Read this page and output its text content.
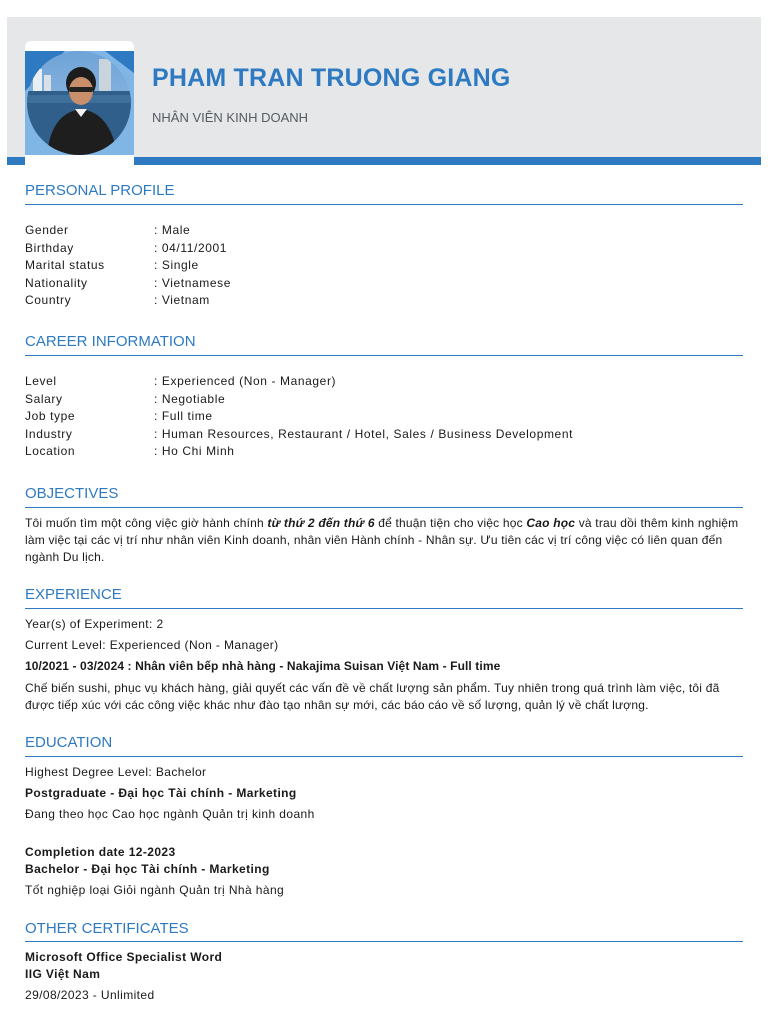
PHAM TRAN TRUONG GIANG
NHÂN VIÊN KINH DOANH
PERSONAL PROFILE
Gender	: Male
Birthday	: 04/11/2001
Marital status	: Single
Nationality	: Vietnamese
Country	: Vietnam
CAREER INFORMATION
Level	: Experienced (Non - Manager)
Salary	: Negotiable
Job type	: Full time
Industry	: Human Resources, Restaurant / Hotel, Sales / Business Development
Location	: Ho Chi Minh
OBJECTIVES
Tôi muốn tìm một công việc giờ hành chính từ thứ 2 đến thứ 6 để thuận tiện cho việc học Cao học và trau dồi thêm kinh nghiệm làm việc tại các vị trí như nhân viên Kinh doanh, nhân viên Hành chính - Nhân sự. Ưu tiên các vị trí công việc có liên quan đến ngành Du lịch.
EXPERIENCE
Year(s) of Experiment: 2
Current Level: Experienced (Non - Manager)
10/2021 - 03/2024 : Nhân viên bếp nhà hàng - Nakajima Suisan Việt Nam - Full time
Chế biến sushi, phục vụ khách hàng, giải quyết các vấn đề về chất lượng sản phẩm. Tuy nhiên trong quá trình làm việc, tôi đã được tiếp xúc với các công việc khác như đào tạo nhân sự mới, các báo cáo về số lượng, quản lý về chất lượng.
EDUCATION
Highest Degree Level: Bachelor
Postgraduate - Đại học Tài chính - Marketing
Đang theo học Cao học ngành Quản trị kinh doanh
Completion date 12-2023
Bachelor - Đại học Tài chính - Marketing
Tốt nghiệp loại Giỏi ngành Quản trị Nhà hàng
OTHER CERTIFICATES
Microsoft Office Specialist Word
IIG Việt Nam
29/08/2023 - Unlimited
